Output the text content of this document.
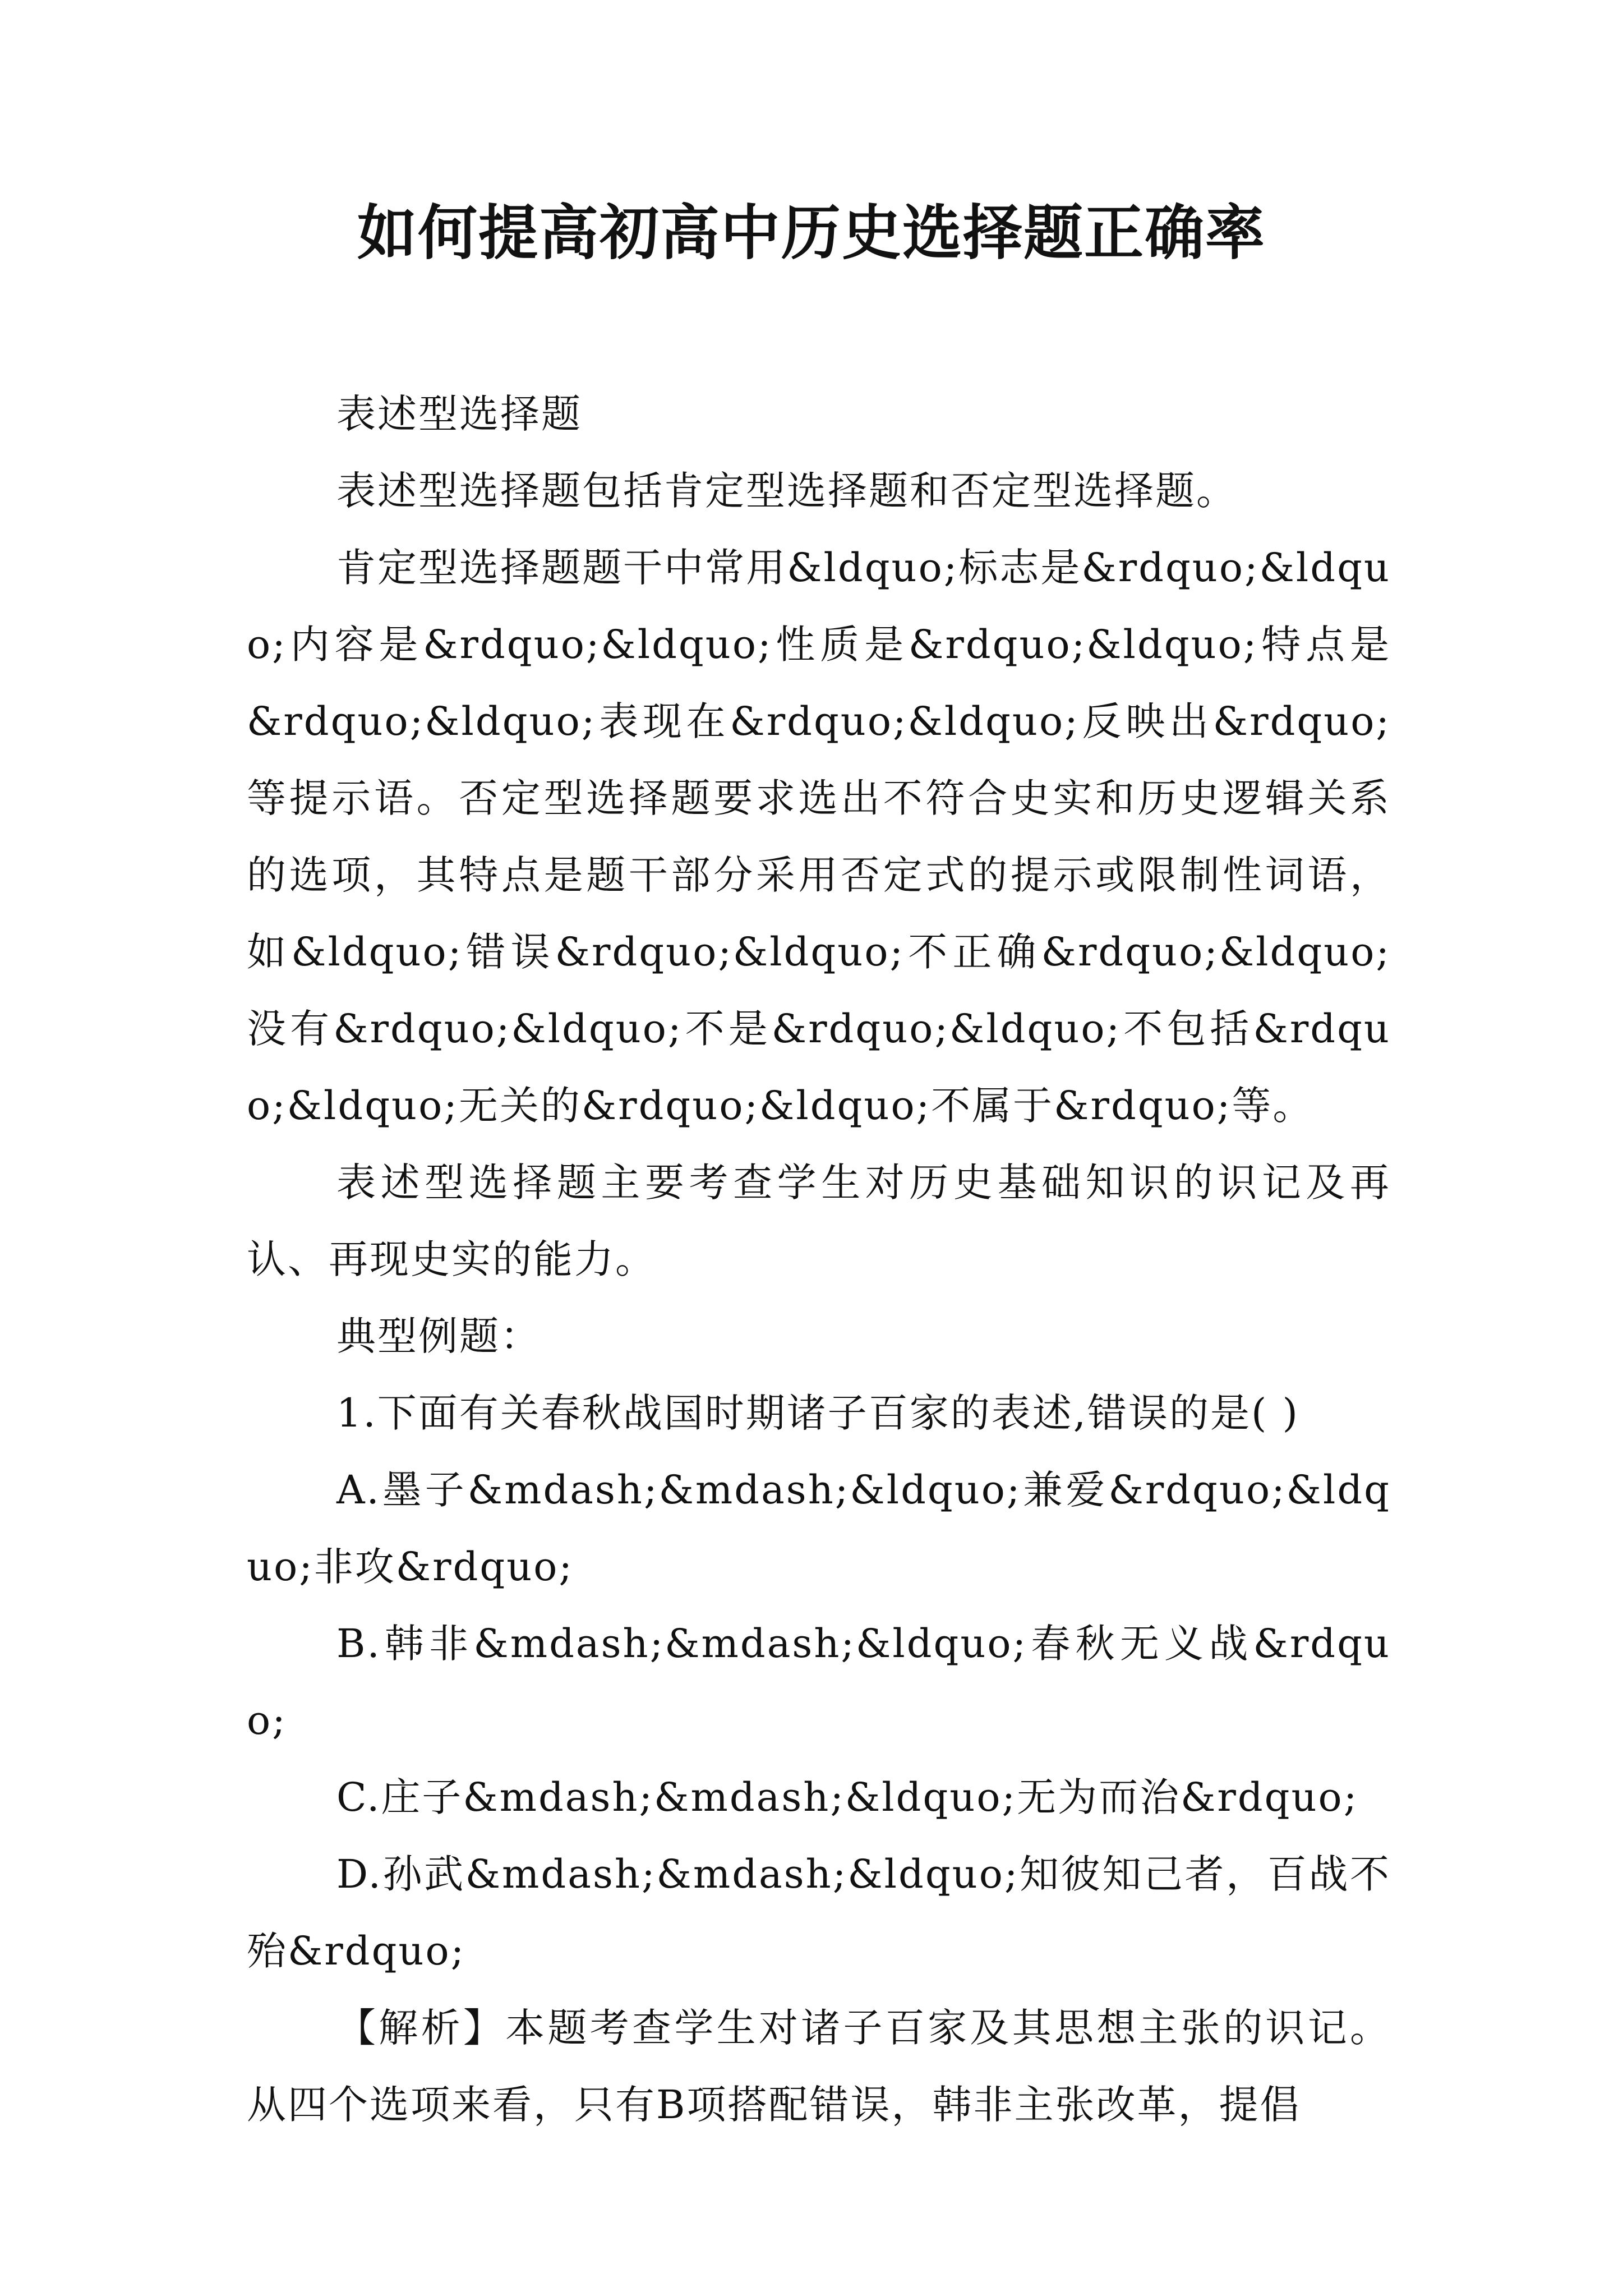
如何提高初高中历史选择题正确率

表述型选择题

表述型选择题包括肯定型选择题和否定型选择题。

肯定型选择题题干中常用&ldquo;标志是&rdquo;&ldquo;内容是&rdquo;&ldquo;性质是&rdquo;&ldquo;特点是&rdquo;&ldquo;表现在&rdquo;&ldquo;反映出&rdquo;等提示语。否定型选择题要求选出不符合史实和历史逻辑关系的选项，其特点是题干部分采用否定式的提示或限制性词语，如&ldquo;错误&rdquo;&ldquo;不正确&rdquo;&ldquo;没有&rdquo;&ldquo;不是&rdquo;&ldquo;不包括&rdquo;&ldquo;无关的&rdquo;&ldquo;不属于&rdquo;等。

表述型选择题主要考查学生对历史基础知识的识记及再认、再现史实的能力。

典型例题：

1.下面有关春秋战国时期诸子百家的表述,错误的是( )

A.墨子&mdash;&mdash;&ldquo;兼爱&rdquo;&ldquo;非攻&rdquo;

B.韩非&mdash;&mdash;&ldquo;春秋无义战&rdquo;

C.庄子&mdash;&mdash;&ldquo;无为而治&rdquo;

D.孙武&mdash;&mdash;&ldquo;知彼知己者，百战不殆&rdquo;

【解析】本题考查学生对诸子百家及其思想主张的识记。从四个选项来看，只有B项搭配错误，韩非主张改革，提倡
